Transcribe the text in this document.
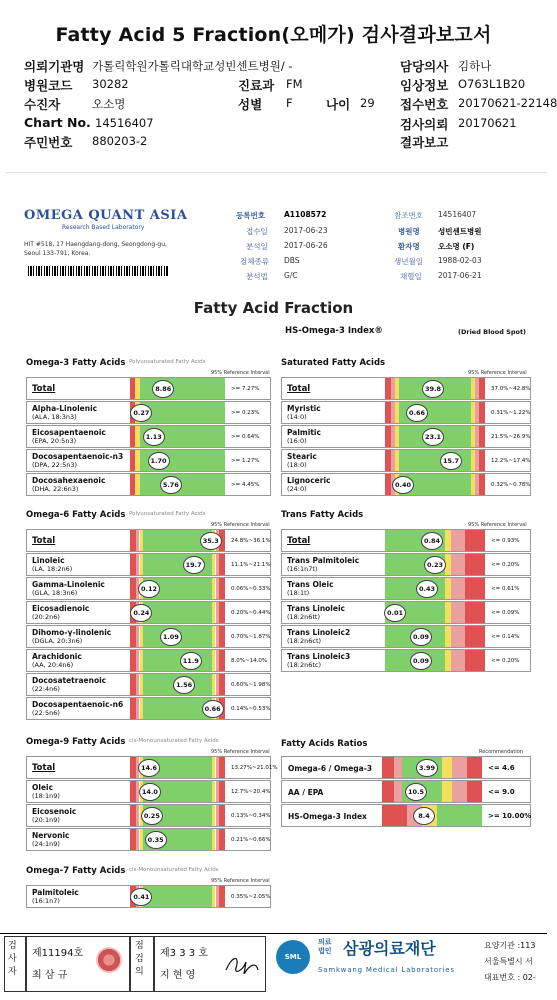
Fatty Acid 5 Fraction(오메가) 검사결과보고서
의뢰기관명 가톨릭학원가톨릭대학교성빈센트병원/ -	담당의사 김하나
병원코드 30282	진료과 FM	임상정보 O763L1B20
수진자	오소명	성별 F	나이 29 접수번호 20170621-22148
Chart No. 14516407	검사의뢰 20170621
주민번호 880203-2	결과보고
OMEGA QUANT ASIA
Research Based Laboratory
HIT #518, 17 Haengdang-dong, Seongdong-gu, Seoul 133-791, Korea.
등록번호	A1108572
접수일 2017-06-23
분석일 2017-06-26
검체종류 DBS
분석법 G/C
참조번호 14516407
병원명 성빈센트병원
환자명 오소명 (F)
생년월일 1988-02-03
채혈일 2017-06-21
Fatty Acid Fraction
HS-Omega-3 Index®	(Dried Blood Spot)
Omega-3 Fatty Acids Polyunsaturated Fatty Acids
95% Reference Interval
Total	8.86	>= 7.27%
Alpha-Linolenic
(ALA, 18:3n3)	0.27	>= 0.23%
Eicosapentaenoic
(EPA, 20:5n3)	1.13	>= 0.64%
Docosapentaenoic-n3
(DPA, 22:5n3)	1.70	>= 1.27%
Docosahexaenoic
(DHA, 22:6n3)	5.76	>= 4.45%
Saturated Fatty Acids
95% Reference Interval
Total	39.8	37.0%~42.8%
Myristic
(14:0)	0.66	0.31%~1.22%
Palmitic
(16:0)	23.1	21.5%~26.9%
Stearic
(18:0)	15.7	12.2%~17.4%
Lignoceric
(24:0)	0.40	0.32%~0.78%
Omega-6 Fatty Acids Polyunsaturated Fatty Acids
95% Reference Interval
Total	35.3	24.8%~36.1%
Linoleic
(LA, 18:2n6)	19.7	11.1%~21.1%
Gamma-Linolenic
(GLA, 18:3n6)	0.12	0.06%~0.33%
Eicosadienoic
(20:2n6)	0.24	0.20%~0.44%
Dihomo-γ-linolenic
(DGLA, 20:3n6)	1.09	0.70%~1.87%
Arachidonic
(AA, 20:4n6)	11.9	8.0%~14.0%
Docosatetraenoic
(22:4n6)	1.56	0.60%~1.98%
Docosapentaenoic-n6
(22:5n6)	0.66	0.14%~0.53%
Trans Fatty Acids
95% Reference Interval
Total	0.84	<= 0.93%
Trans Palmitoleic
(16:1n7t)	0.23	<= 0.20%
Trans Oleic
(18:1t)	0.43	<= 0.61%
Trans Linoleic
(18:2n6tt)	0.01	<= 0.09%
Trans Linoleic2
(18:2n6ct)	0.09	<= 0.14%
Trans Linoleic3
(18:2n6tc)	0.09	<= 0.20%
Omega-9 Fatty Acids cis-Monounsaturated Fatty Acids
95% Reference Interval
Total	14.6	13.27%~21.01%
Oleic
(18:1n9)	14.0	12.7%~20.4%
Eicosenoic
(20:1n9)	0.25	0.13%~0.34%
Nervonic
(24:1n9)	0.35	0.21%~0.66%
Omega-7 Fatty Acids cis-Monounsaturated Fatty Acids
95% Reference Interval
Palmitoleic
(16:1n7)	0.41	0.35%~2.05%
Fatty Acids Ratios
Recommendation
Omega-6 / Omega-3	3.99	<= 4.6
AA / EPA	10.5	<= 9.0
HS-Omega-3 Index	8.4	>= 10.00%
검사자
제11194호
최 삼 규
점검의
제3 3 3 호
지 현 영
SML
의료
법인 삼광의료재단
Samkwang Medical Laboratories
요양기관 :113
서울특별시 서
대표번호 : 02-
